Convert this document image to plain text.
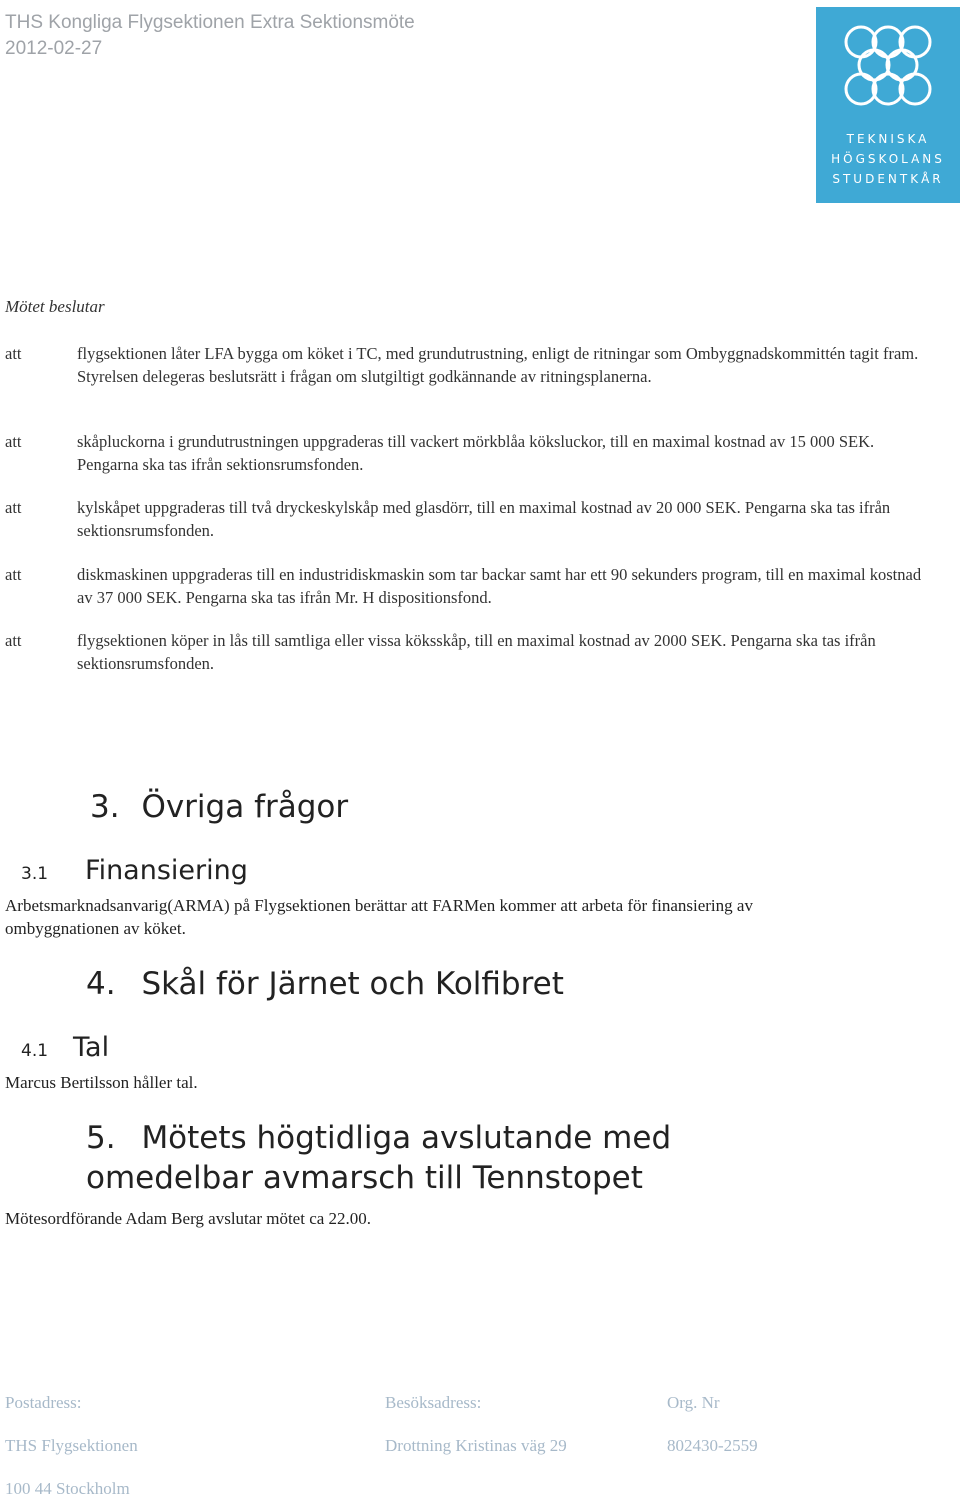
THS Kongliga Flygsektionen Extra Sektionsmöte
2012-02-27
TEKNISKA
HÖGSKOLANS
STUDENTKÅR
Mötet beslutar
att	flygsektionen låter LFA bygga om köket i TC, med grundutrustning, enligt de ritningar som Ombyggnadskommittén tagit fram. Styrelsen delegeras beslutsrätt i frågan om slutgiltigt godkännande av ritningsplanerna.
att	skåpluckorna i grundutrustningen uppgraderas till vackert mörkblåa köksluckor, till en maximal kostnad av 15 000 SEK. Pengarna ska tas ifrån sektionsrumsfonden.
att	kylskåpet uppgraderas till två dryckeskylskåp med glasdörr, till en maximal kostnad av 20 000 SEK. Pengarna ska tas ifrån sektionsrumsfonden.
att	diskmaskinen uppgraderas till en industridiskmaskin som tar backar samt har ett 90 sekunders program, till en maximal kostnad av 37 000 SEK. Pengarna ska tas ifrån Mr. H dispositionsfond.
att	flygsektionen köper in lås till samtliga eller vissa köksskåp, till en maximal kostnad av 2000 SEK. Pengarna ska tas ifrån sektionsrumsfonden.
3. Övriga frågor
3.1 Finansiering
Arbetsmarknadsanvarig(ARMA) på Flygsektionen berättar att FARMen kommer att arbeta för finansiering av ombyggnationen av köket.
4. Skål för Järnet och Kolfibret
4.1 Tal
Marcus Bertilsson håller tal.
5. Mötets högtidliga avslutande med
omedelbar avmarsch till Tennstopet
Mötesordförande Adam Berg avslutar mötet ca 22.00.
Postadress:	Besöksadress:	Org. Nr
THS Flygsektionen	Drottning Kristinas väg 29	802430-2559
100 44 Stockholm
